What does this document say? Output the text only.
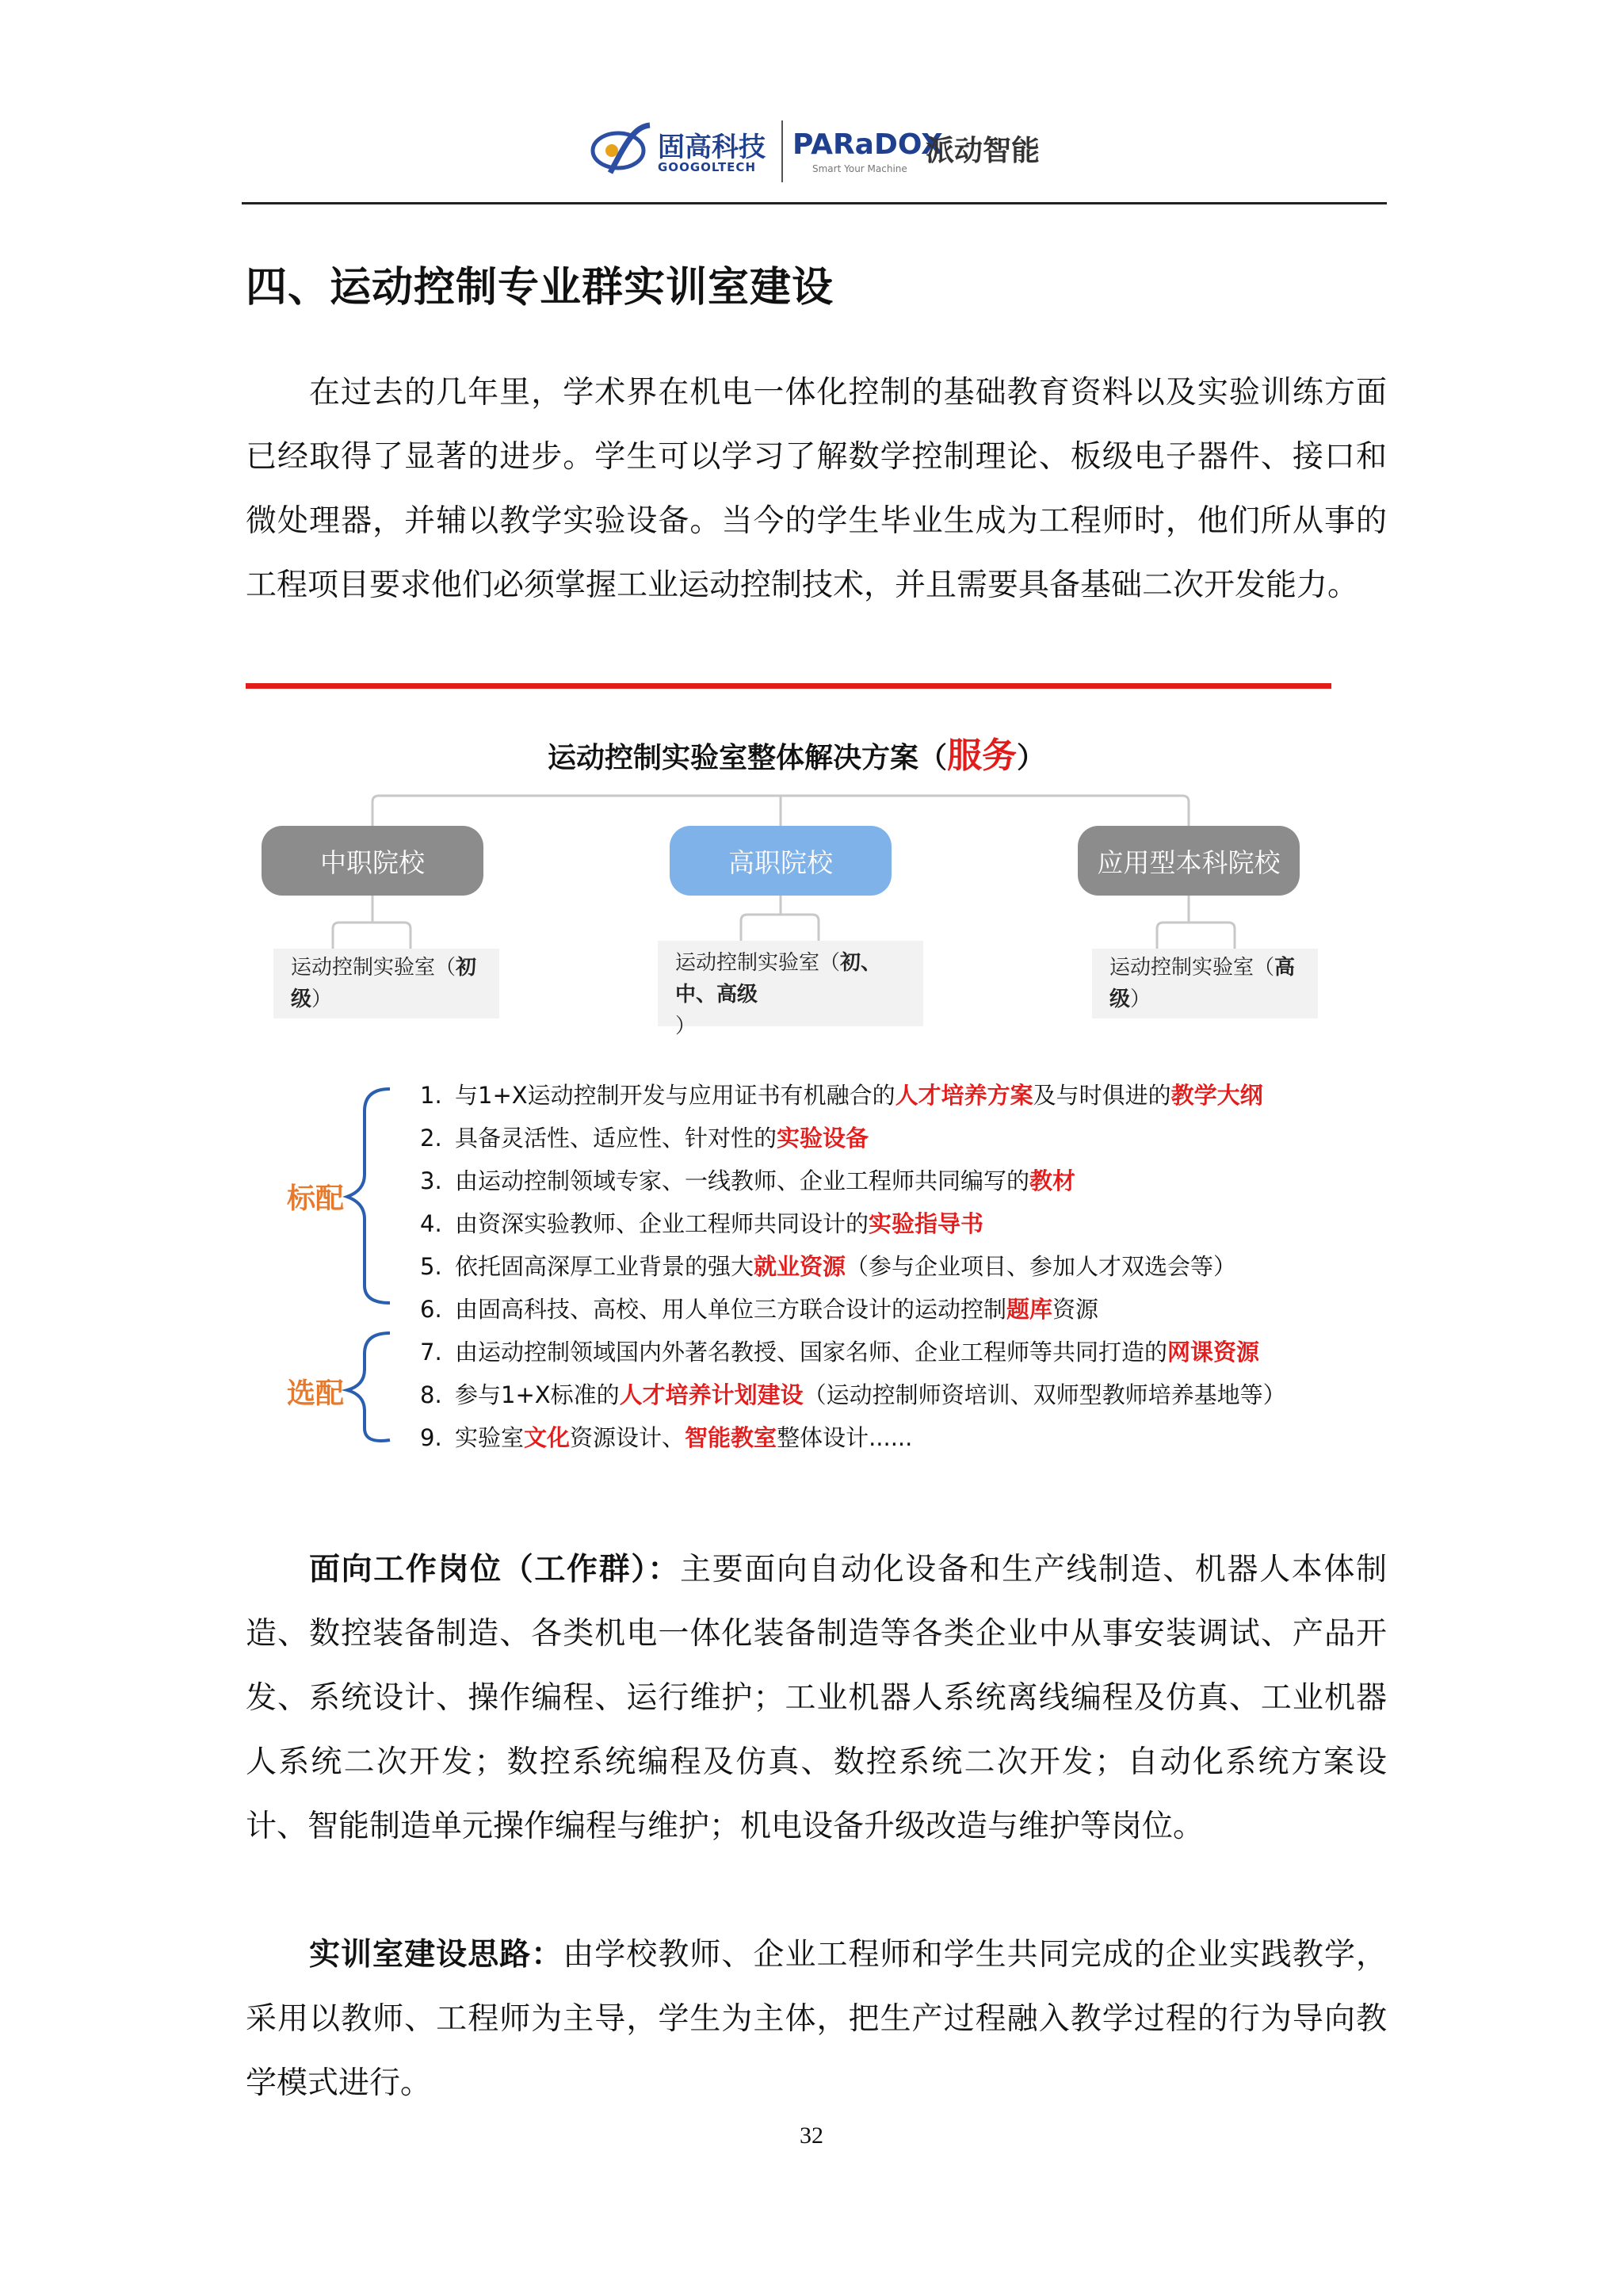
固高科技
GOOGOLTECH
PARaDOX
Smart Your Machine
派动智能
四、运动控制专业群实训室建设

在过去的几年里，学术界在机电一体化控制的基础教育资料以及实验训练方面已经取得了显著的进步。学生可以学习了解数学控制理论、板级电子器件、接口和微处理器，并辅以教学实验设备。当今的学生毕业生成为工程师时，他们所从事的工程项目要求他们必须掌握工业运动控制技术，并且需要具备基础二次开发能力。

运动控制实验室整体解决方案（服务）
中职院校	高职院校	应用型本科院校
运动控制实验室（初级）
运动控制实验室（初、中、高级
）
运动控制实验室（高级）
标配
选配
1. 与1+X运动控制开发与应用证书有机融合的人才培养方案及与时俱进的教学大纲
2. 具备灵活性、适应性、针对性的实验设备
3. 由运动控制领域专家、一线教师、企业工程师共同编写的教材
4. 由资深实验教师、企业工程师共同设计的实验指导书
5. 依托固高深厚工业背景的强大就业资源（参与企业项目、参加人才双选会等）
6. 由固高科技、高校、用人单位三方联合设计的运动控制题库资源
7. 由运动控制领域国内外著名教授、国家名师、企业工程师等共同打造的网课资源
8. 参与1+X标准的人才培养计划建设（运动控制师资培训、双师型教师培养基地等）
9. 实验室文化资源设计、智能教室整体设计......

面向工作岗位（工作群）：主要面向自动化设备和生产线制造、机器人本体制造、数控装备制造、各类机电一体化装备制造等各类企业中从事安装调试、产品开发、系统设计、操作编程、运行维护；工业机器人系统离线编程及仿真、工业机器人系统二次开发；数控系统编程及仿真、数控系统二次开发；自动化系统方案设计、智能制造单元操作编程与维护；机电设备升级改造与维护等岗位。

实训室建设思路：由学校教师、企业工程师和学生共同完成的企业实践教学，采用以教师、工程师为主导，学生为主体，把生产过程融入教学过程的行为导向教学模式进行。

32
